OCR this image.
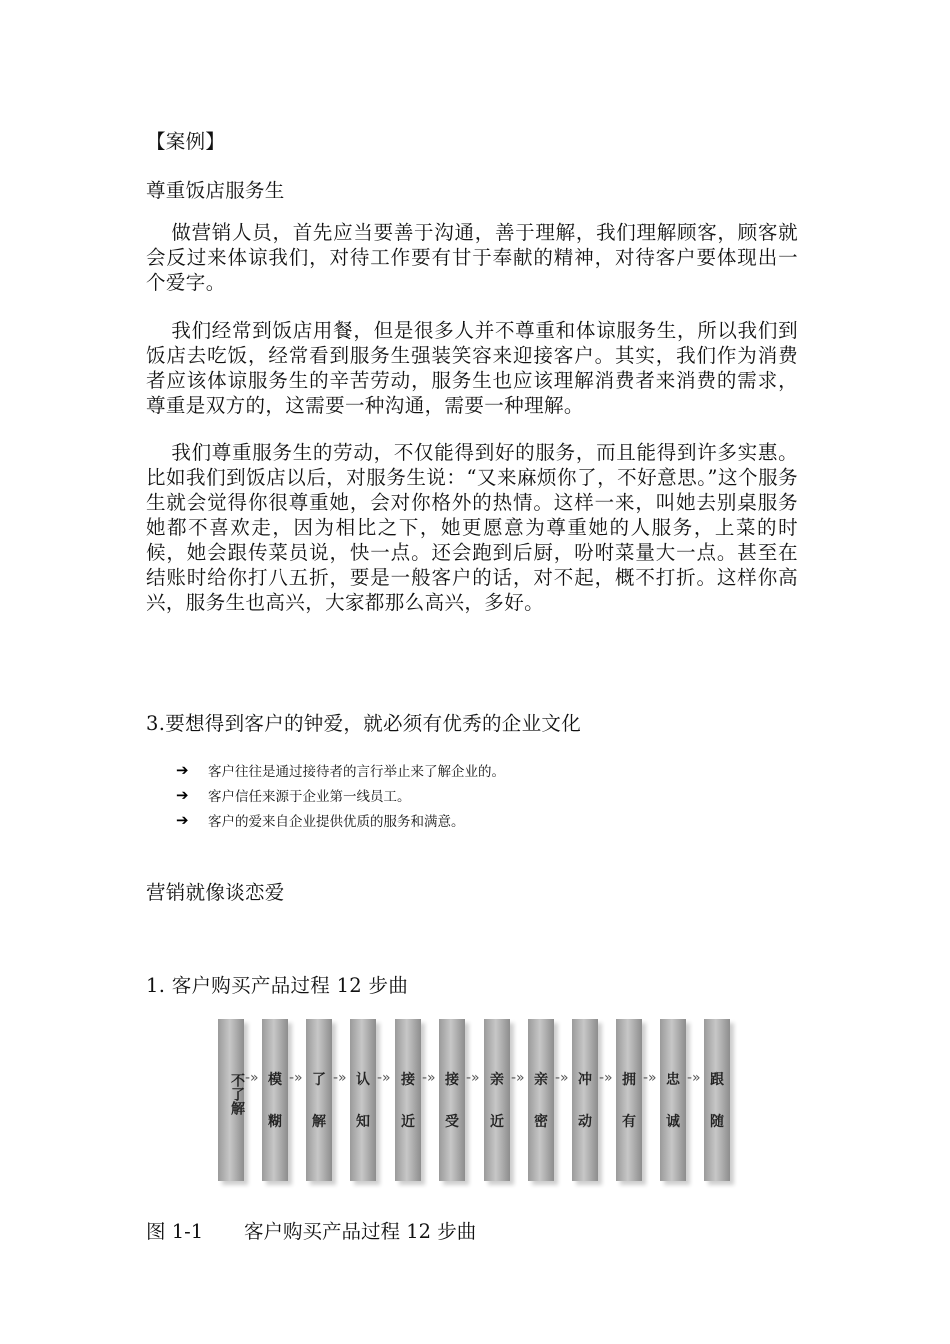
【案例】
尊重饭店服务生
做营销人员，首先应当要善于沟通，善于理解，我们理解顾客，顾客就会反过来体谅我们，对待工作要有甘于奉献的精神，对待客户要体现出一个爱字。
我们经常到饭店用餐，但是很多人并不尊重和体谅服务生，所以我们到饭店去吃饭，经常看到服务生强装笑容来迎接客户。其实，我们作为消费者应该体谅服务生的辛苦劳动，服务生也应该理解消费者来消费的需求，尊重是双方的，这需要一种沟通，需要一种理解。
我们尊重服务生的劳动，不仅能得到好的服务，而且能得到许多实惠。比如我们到饭店以后，对服务生说：“又来麻烦你了，不好意思。”这个服务生就会觉得你很尊重她，会对你格外的热情。这样一来，叫她去别桌服务她都不喜欢走，因为相比之下，她更愿意为尊重她的人服务，上菜的时候，她会跟传菜员说，快一点。还会跑到后厨，吩咐菜量大一点。甚至在结账时给你打八五折，要是一般客户的话，对不起，概不打折。这样你高兴，服务生也高兴，大家都那么高兴，多好。
3.要想得到客户的钟爱，就必须有优秀的企业文化
➔	客户往往是通过接待者的言行举止来了解企业的。
➔	客户信任来源于企业第一线员工。
➔	客户的爱来自企业提供优质的服务和满意。
营销就像谈恋爱
1. 客户购买产品过程 12 步曲
不了解 模
糊
了
解
认
知
接
近
接
受
亲
近
亲
密
冲
动
拥
有
忠
诚
跟
随
-» -» -» -» -» -» -» -» -» -» -»
图 1-1 客户购买产品过程 12 步曲
